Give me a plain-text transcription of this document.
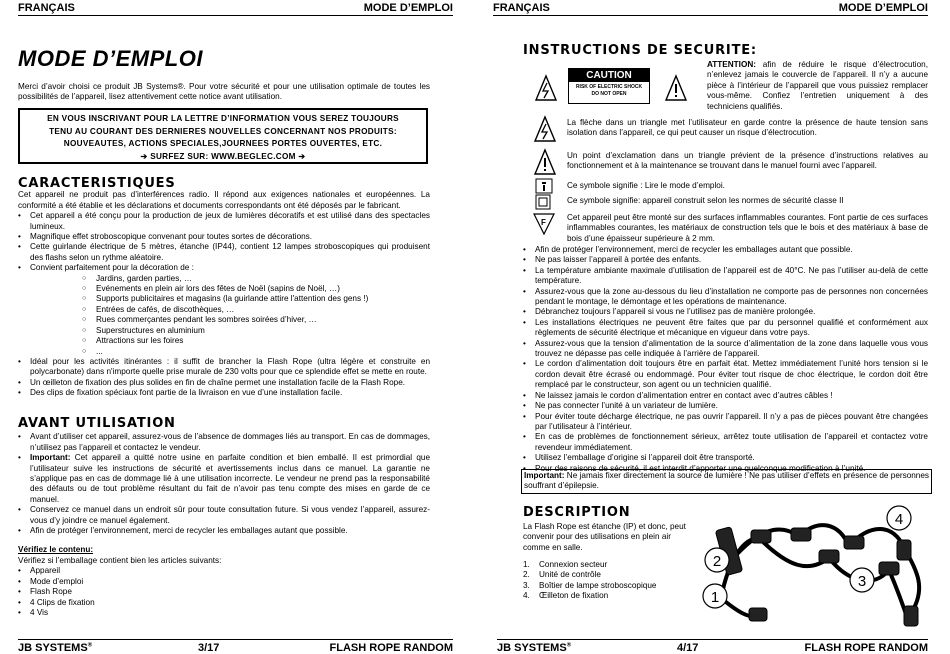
FRANÇAIS	MODE D’EMPLOI
MODE D’EMPLOI

Merci d’avoir choisi ce produit JB Systems®. Pour votre sécurité et pour une utilisation optimale de toutes les possibilités de l’appareil, lisez attentivement cette notice avant utilisation.

EN VOUS INSCRIVANT POUR LA LETTRE D’INFORMATION VOUS SEREZ TOUJOURS
TENU AU COURANT DES DERNIERES NOUVELLES CONCERNANT NOS PRODUITS:
NOUVEAUTES, ACTIONS SPECIALES,JOURNEES PORTES OUVERTES, ETC.
➔ SURFEZ SUR: WWW.BEGLEC.COM ➔
CARACTERISTIQUES

Cet appareil ne produit pas d’interférences radio. Il répond aux exigences nationales et européennes. La conformité a été établie et les déclarations et documents correspondants ont été déposés par le fabricant.

• Cet appareil a été conçu pour la production de jeux de lumières décoratifs et est utilisé dans des spectacles lumineux.
• Magnifique effet stroboscopique convenant pour toutes sortes de décorations.
• Cette guirlande électrique de 5 mètres, étanche (IP44), contient 12 lampes stroboscopiques qui produisent des flashs selon un rythme aléatoire.
• Convient parfaitement pour la décoration de :
○ Jardins, garden parties, …
○ Evénements en plein air lors des fêtes de Noël (sapins de Noël, …)
○ Supports publicitaires et magasins (la guirlande attire l'attention des gens !)
○ Entrées de cafés, de discothèques, …
○ Rues commerçantes pendant les sombres soirées d’hiver, …
○ Superstructures en aluminium
○ Attractions sur les foires
○ ...
• Idéal pour les activités itinérantes : il suffit de brancher la Flash Rope (ultra légère et construite en polycarbonate) dans n'importe quelle prise murale de 230 volts pour que ce splendide effet se mette en route.
• Un œilleton de fixation des plus solides en fin de chaîne permet une installation facile de la Flash Rope.
• Des clips de fixation spéciaux font partie de la livraison en vue d’une installation facile.
AVANT UTILISATION
• Avant d’utiliser cet appareil, assurez-vous de l’absence de dommages liés au transport. En cas de dommages, n’utilisez pas l’appareil et contactez le vendeur.
• Important: Cet appareil a quitté notre usine en parfaite condition et bien emballé. Il est primordial que l’utilisateur suive les instructions de sécurité et avertissements inclus dans ce manuel. La garantie ne s’applique pas en cas de dommage lié à une utilisation incorrecte. Le vendeur ne prend pas la responsabilité des défauts ou de tout problème résultant du fait de n’avoir pas tenu compte des mises en garde de ce manuel.
• Conservez ce manuel dans un endroit sûr pour toute consultation future. Si vous vendez l’appareil, assurez-vous d’y joindre ce manuel également.
• Afin de protéger l’environnement, merci de recycler les emballages autant que possible.

Vérifiez le contenu:

Vérifiez si l’emballage contient bien les articles suivants:

• Appareil
• Mode d’emploi
• Flash Rope
• 4 Clips de fixation
• 4 Vis
JB SYSTEMS®	3/17	FLASH ROPE RANDOM
FRANÇAIS	MODE D’EMPLOI
INSTRUCTIONS DE SECURITE:
CAUTION
RISK OF ELECTRIC SHOCK
DO NOT OPEN

ATTENTION: afin de réduire le risque d’électrocution, n’enlevez jamais le couvercle de l’appareil. Il n’y a aucune pièce à l’intérieur de l’appareil que vous puissiez remplacer vous-même. Confiez l’entretien uniquement à des techniciens qualifiés.

La flèche dans un triangle met l’utilisateur en garde contre la présence de haute tension sans isolation dans l’appareil, ce qui peut causer un risque d’électrocution.

Un point d’exclamation dans un triangle prévient de la présence d’instructions relatives au fonctionnement et à la maintenance se trouvant dans le manuel fourni avec l’appareil.

Ce symbole signifie : Lire le mode d’emploi.

Ce symbole signifie: appareil construit selon les normes de sécurité classe II

F

Cet appareil peut être monté sur des surfaces inflammables courantes. Font partie de ces surfaces inflammables courantes, les matériaux de construction tels que le bois et des matériaux à base de bois d’une épaisseur supérieure à 2 mm.

• Afin de protéger l’environnement, merci de recycler les emballages autant que possible.
• Ne pas laisser l’appareil à portée des enfants.
• La température ambiante maximale d’utilisation de l’appareil est de 40°C. Ne pas l’utiliser au-delà de cette température.
• Assurez-vous que la zone au-dessous du lieu d’installation ne comporte pas de personnes non concernées pendant le montage, le démontage et les opérations de maintenance.
• Débranchez toujours l’appareil si vous ne l’utilisez pas de manière prolongée.
• Les installations électriques ne peuvent être faites que par du personnel qualifié et conformément aux règlements de sécurité électrique et mécanique en vigueur dans votre pays.
• Assurez-vous que la tension d’alimentation de la source d’alimentation de la zone dans laquelle vous vous trouvez ne dépasse pas celle indiquée à l’arrière de l’appareil.
• Le cordon d’alimentation doit toujours être en parfait état. Mettez immédiatement l’unité hors tension si le cordon devait être écrasé ou endommagé. Pour éviter tout risque de choc électrique, le cordon doit être remplacé par le constructeur, son agent ou un technicien qualifié.
• Ne laissez jamais le cordon d’alimentation entrer en contact avec d’autres câbles !
• Ne pas connecter l’unité à un variateur de lumière.
• Pour éviter toute décharge électrique, ne pas ouvrir l’appareil. Il n’y a pas de pièces pouvant être changées par l’utilisateur à l’intérieur.
• En cas de problèmes de fonctionnement sérieux, arrêtez toute utilisation de l’appareil et contactez votre revendeur immédiatement.
• Utilisez l’emballage d’origine si l’appareil doit être transporté.
• Pour des raisons de sécurité, il est interdit d’apporter une quelconque modification à l’unité.
Important: Ne jamais fixer directement la source de lumière ! Ne pas utiliser d’effets en présence de personnes souffrant d’épilepsie.
DESCRIPTION

La Flash Rope est étanche (IP) et donc, peut convenir pour des utilisations en plein air comme en salle.

1. Connexion secteur
2. Unité de contrôle
3. Boîtier de lampe stroboscopique
4. Œilleton de fixation	1
2
3
4
JB SYSTEMS®	4/17	FLASH ROPE RANDOM
